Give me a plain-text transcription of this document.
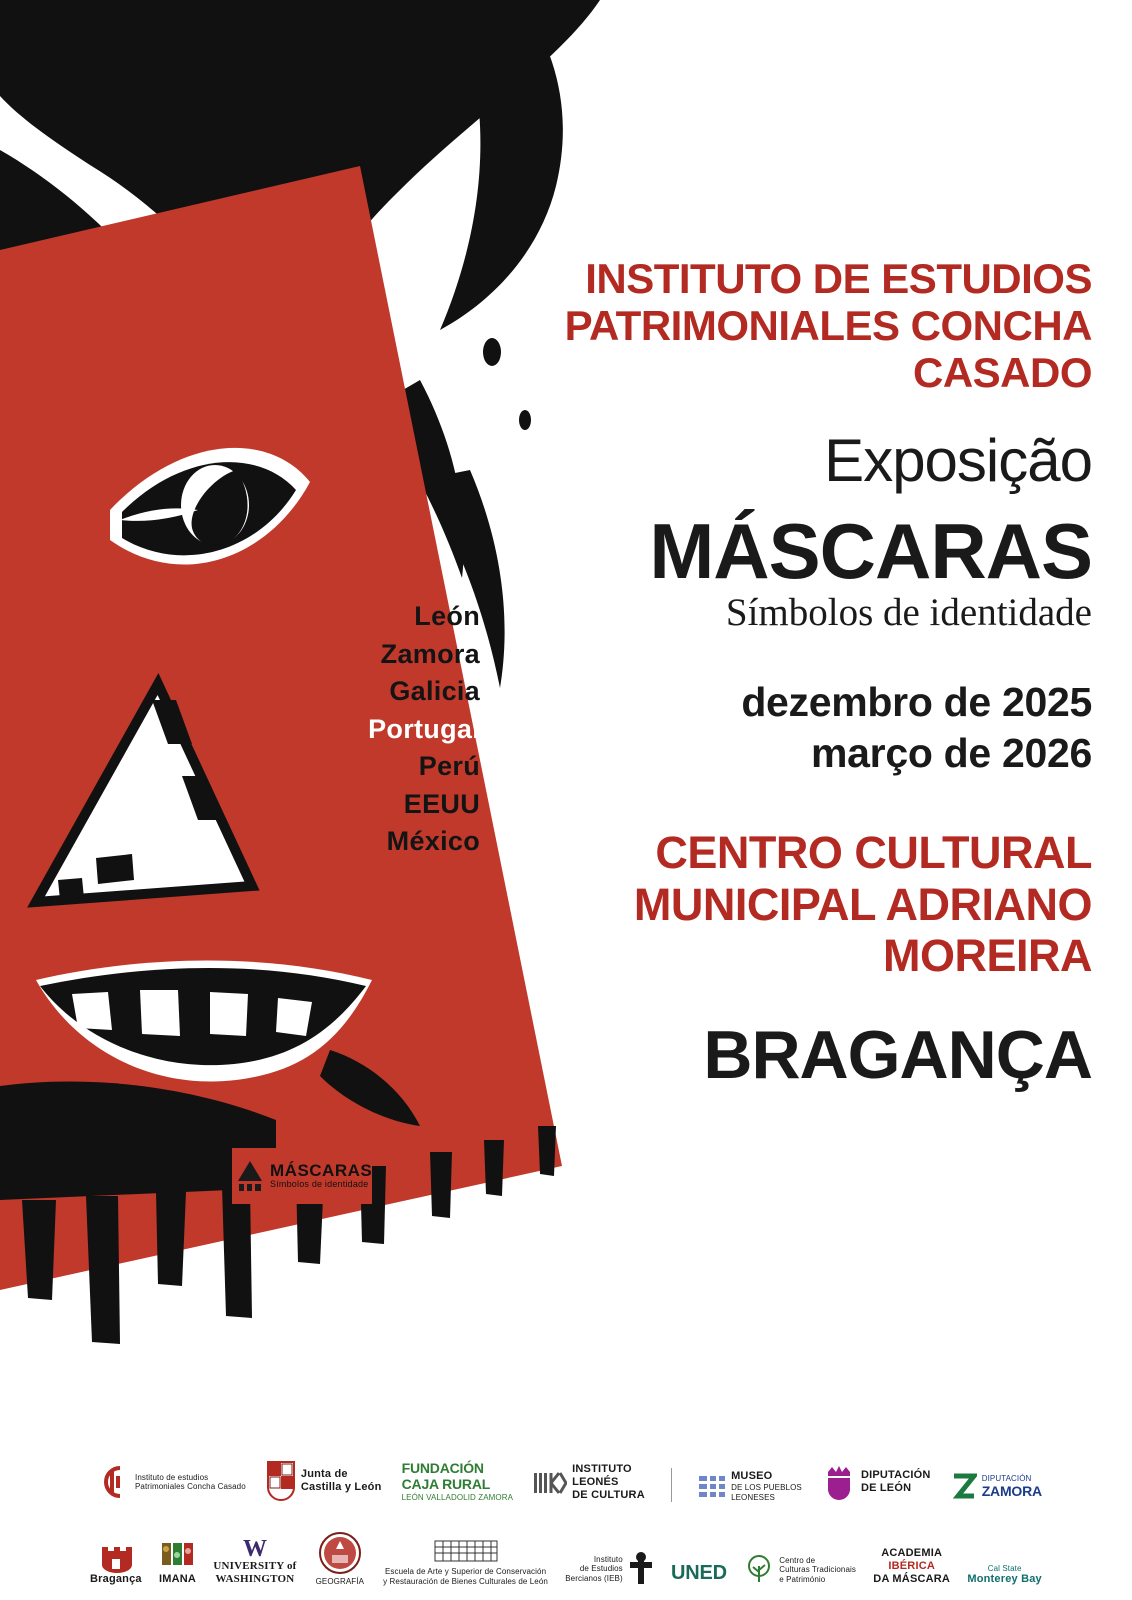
León
Zamora
Galicia
Portugal
Perú
EEUU
México
MÁSCARAS
Símbolos de identidade
INSTITUTO DE ESTUDIOS PATRIMONIALES CONCHA CASADO
Exposição
MÁSCARAS
Símbolos de identidade
dezembro de 2025
março de 2026
CENTRO CULTURAL MUNICIPAL ADRIANO MOREIRA
BRAGANÇA
Instituto de estudios
Patrimoniales Concha Casado
Junta de
Castilla y León
FUNDACIÓN
CAJA RURAL
LEÓN VALLADOLID ZAMORA
INSTITUTO
LEONÉS
DE CULTURA
MUSEO
DE LOS PUEBLOS
LEONESES
DIPUTACIÓN
DE LEÓN
DIPUTACIÓN
ZAMORA
Bragança IMANA
W
UNIVERSITY of
WASHINGTON	GEOGRAFÍA
Escuela de Arte y Superior de Conservación
y Restauración de Bienes Culturales de León
Instituto
de Estudios
Bercianos (IEB) UNED
Centro de
Culturas Tradicionais
e Património
ACADEMIA
IBÉRICA
DA MÁSCARA
Cal State
Monterey Bay
